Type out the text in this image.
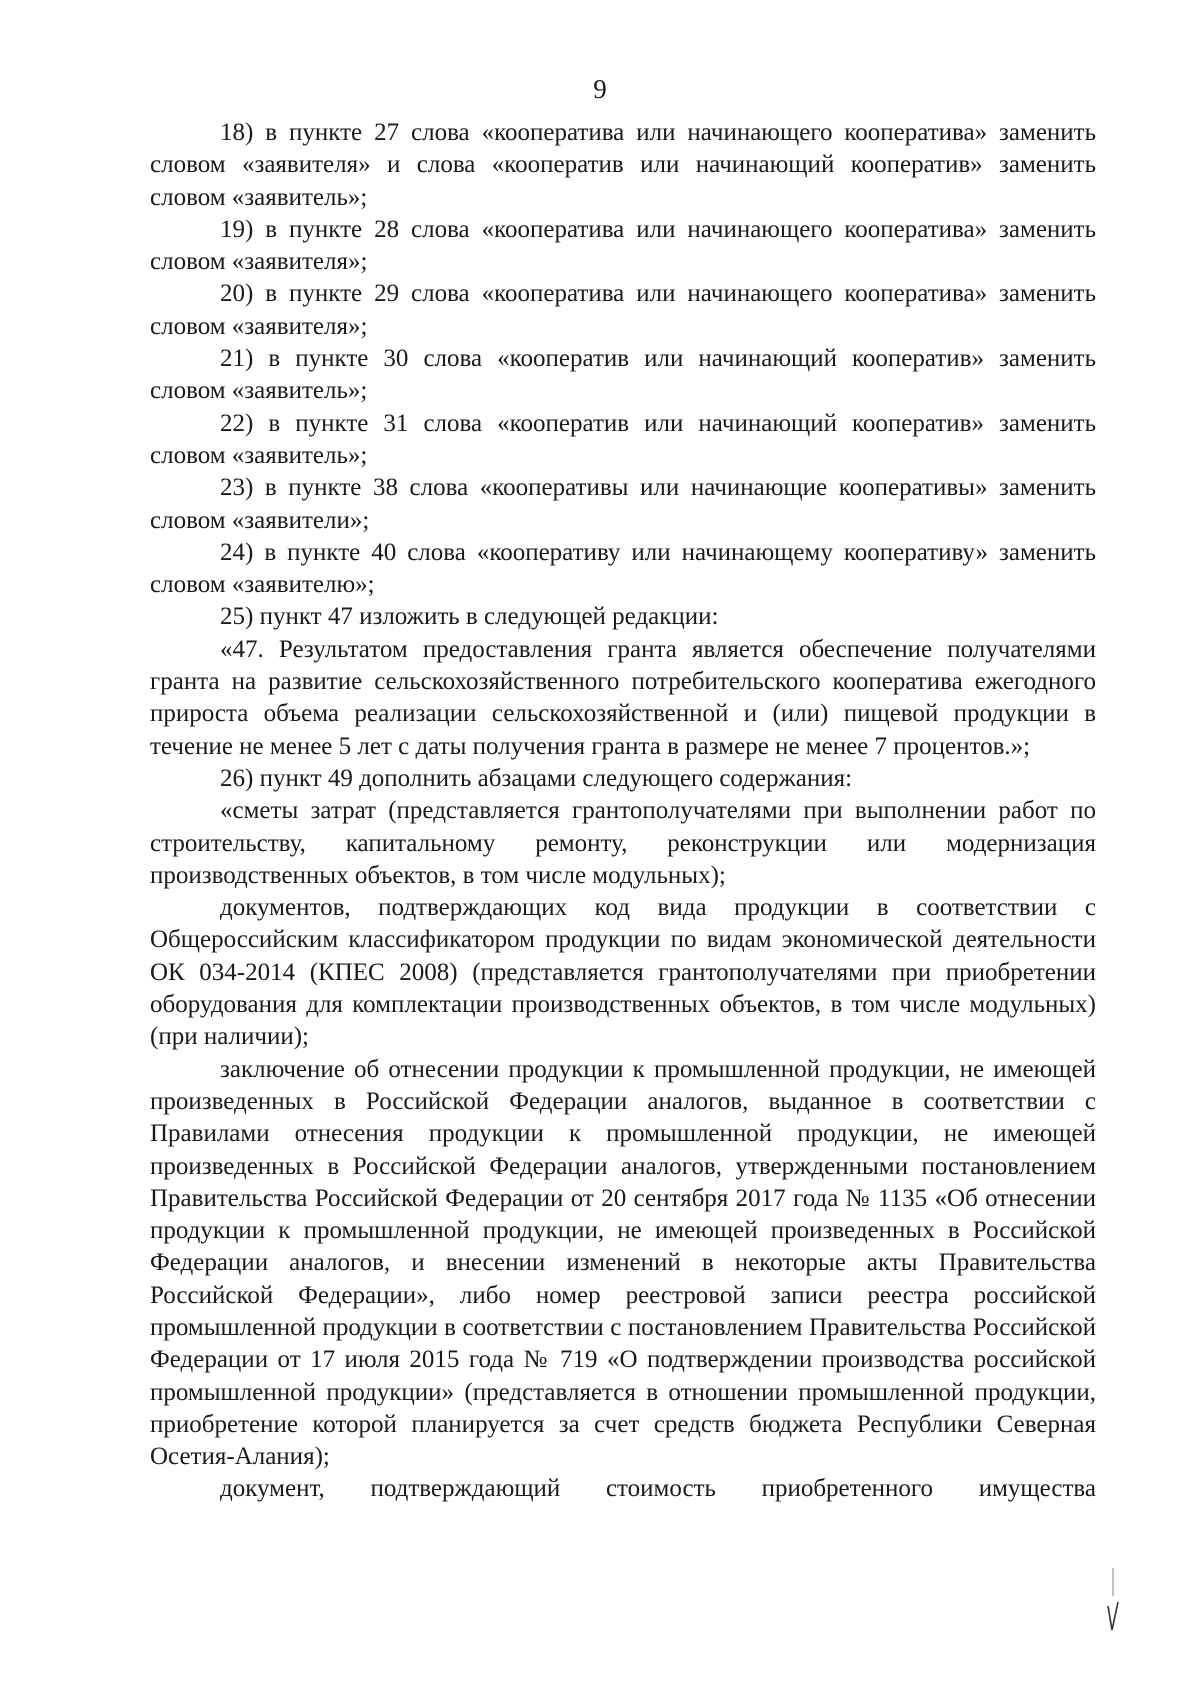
9

18) в пункте 27 слова «кооператива или начинающего кооператива» заменить словом «заявителя» и слова «кооператив или начинающий кооператив» заменить словом «заявитель»;

19) в пункте 28 слова «кооператива или начинающего кооператива» заменить словом «заявителя»;

20) в пункте 29 слова «кооператива или начинающего кооператива» заменить словом «заявителя»;

21) в пункте 30 слова «кооператив или начинающий кооператив» заменить словом «заявитель»;

22) в пункте 31 слова «кооператив или начинающий кооператив» заменить словом «заявитель»;

23) в пункте 38 слова «кооперативы или начинающие кооперативы» заменить словом «заявители»;

24) в пункте 40 слова «кооперативу или начинающему кооперативу» заменить словом «заявителю»;

25) пункт 47 изложить в следующей редакции:

«47. Результатом предоставления гранта является обеспечение получателями гранта на развитие сельскохозяйственного потребительского кооператива ежегодного прироста объема реализации сельскохозяйственной и (или) пищевой продукции в течение не менее 5 лет с даты получения гранта в размере не менее 7 процентов.»;

26) пункт 49 дополнить абзацами следующего содержания:

«сметы затрат (представляется грантополучателями при выполнении работ по строительству, капитальному ремонту, реконструкции или модернизация производственных объектов, в том числе модульных);

документов, подтверждающих код вида продукции в соответствии с Общероссийским классификатором продукции по видам экономической деятельности ОК 034-2014 (КПЕС 2008) (представляется грантополучателями при приобретении оборудования для комплектации производственных объектов, в том числе модульных) (при наличии);

заключение об отнесении продукции к промышленной продукции, не имеющей произведенных в Российской Федерации аналогов, выданное в соответствии с Правилами отнесения продукции к промышленной продукции, не имеющей произведенных в Российской Федерации аналогов, утвержденными постановлением Правительства Российской Федерации от 20 сентября 2017 года № 1135 «Об отнесении продукции к промышленной продукции, не имеющей произведенных в Российской Федерации аналогов, и внесении изменений в некоторые акты Правительства Российской Федерации», либо номер реестровой записи реестра российской промышленной продукции в соответствии с постановлением Правительства Российской Федерации от 17 июля 2015 года № 719 «О подтверждении производства российской промышленной продукции» (представляется в отношении промышленной продукции, приобретение которой планируется за счет средств бюджета Республики Северная Осетия-Алания);

документ, подтверждающий стоимость приобретенного имущества
